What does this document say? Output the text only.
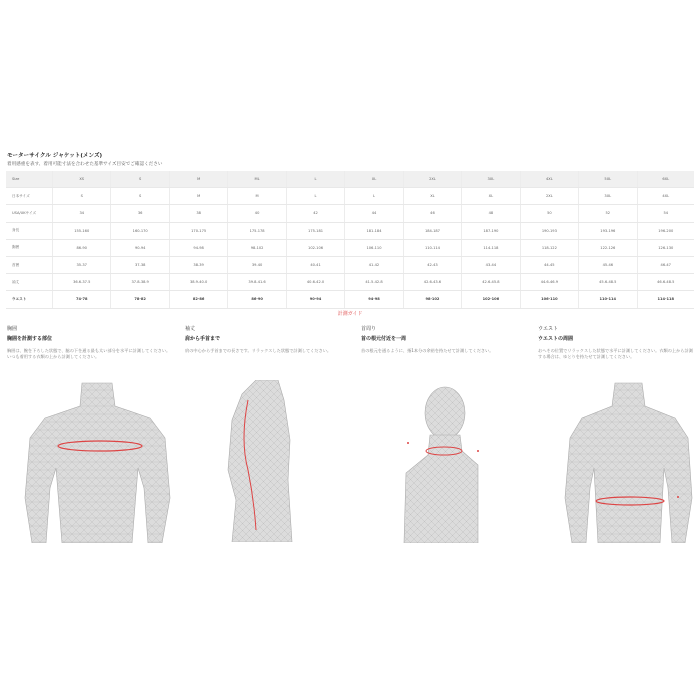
モーターサイクル ジャケット(メンズ)
着用感重を表す、着用可能寸法を合わせた基準サイズ目安でご確認ください
Size	XS	S	M	ML	L	XL	2XL	3XL	4XL	5XL	6XL
日本サイズ	S	S	M	M	L	L	XL	XL	2XL	3XL	4XL
USA/UKサイズ	34	36	38	40	42	44	46	48	50	52	54
身長	155-160	160-170	170-175	175-178	175-181	181-184	184-187	187-190	190-193	193-196	196-200
胸囲	86-90	90-94	94-98	98-102	102-106	106-110	110-114	114-118	118-122	122-126	126-130
首囲	35-37	37-38	38-39	39-40	40-41	41-42	42-43	43-44	44-45	45-46	46-47
袖丈	36.6-37.5	37.8-38.9	38.9-40.0	39.8-41.6	40.6-42.0	41.5-42.8	42.6-43.6	42.6-45.8	44.6-46.9	45.6-48.5	46.6-48.5
ウエスト	74-78	78-82	82-86	86-90	90-94	94-98	98-102	102-106	106-110	110-114	114-118
計測ガイド
胸囲
胸囲を計測する部位
胸囲は、腕を下ろした状態で、脇の下を通る最も太い部分を水平に計測してください。いつも着用する衣類の上から計測してください。
袖丈
肩から手首まで
肩の中心から手首までの長さです。リラックスした状態で計測してください。
首周り
首の根元付近を一周
首の根元を通るように、指1本分の余裕を持たせて計測してください。
ウエスト
ウエストの周囲
おへその位置でリラックスした状態で水平に計測してください。衣類の上から計測する場合は、ゆとりを持たせて計測してください。
